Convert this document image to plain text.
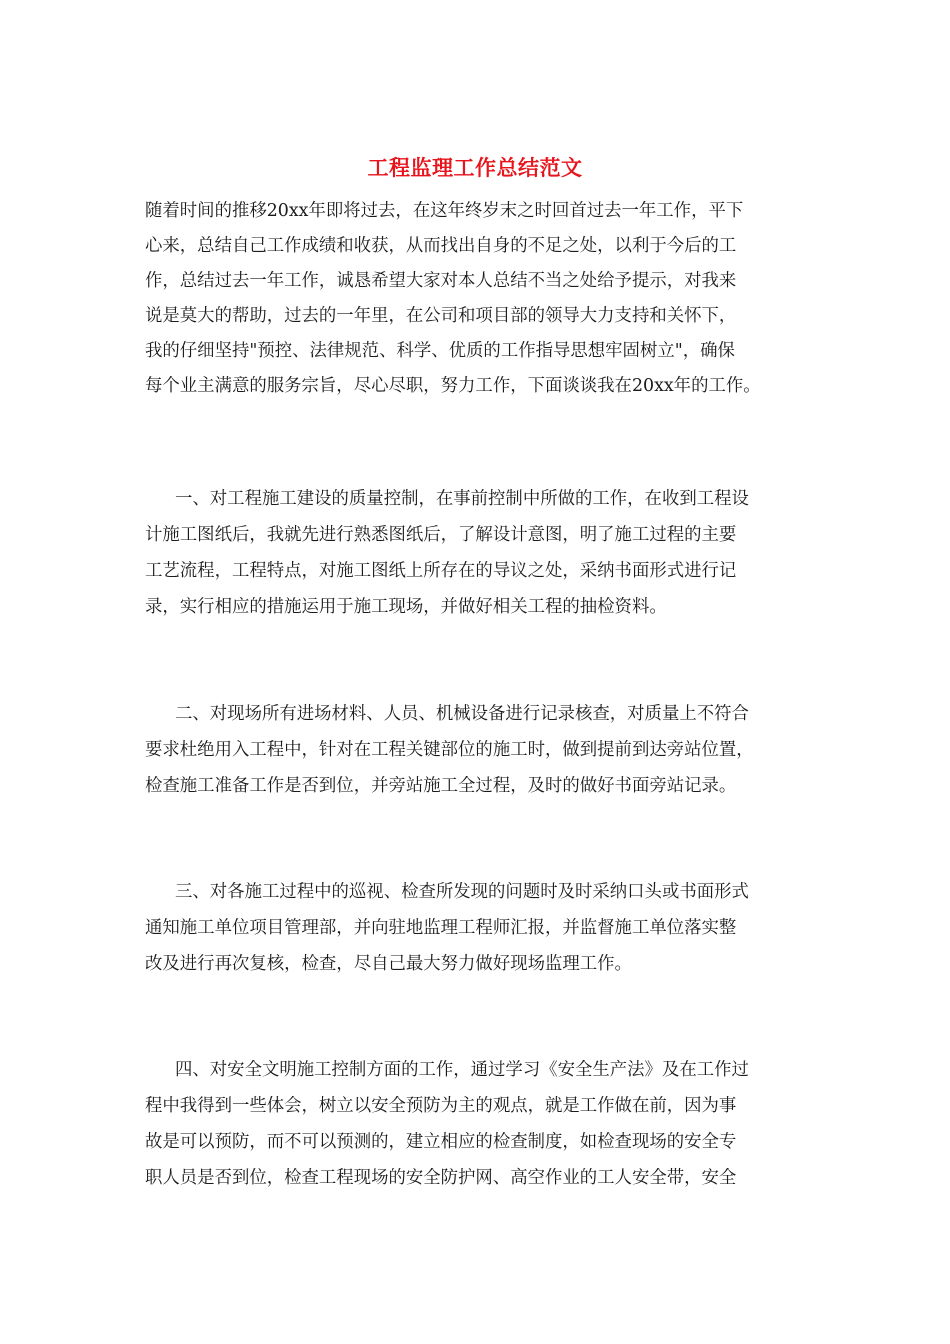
工程监理工作总结范文
随着时间的推移20xx年即将过去，在这年终岁末之时回首过去一年工作，平下
心来，总结自己工作成绩和收获，从而找出自身的不足之处，以利于今后的工
作，总结过去一年工作，诚恳希望大家对本人总结不当之处给予提示，对我来
说是莫大的帮助，过去的一年里，在公司和项目部的领导大力支持和关怀下，
我的仔细坚持"预控、法律规范、科学、优质的工作指导思想牢固树立"，确保
每个业主满意的服务宗旨，尽心尽职，努力工作，下面谈谈我在20xx年的工作。
一、对工程施工建设的质量控制，在事前控制中所做的工作，在收到工程设
计施工图纸后，我就先进行熟悉图纸后，了解设计意图，明了施工过程的主要
工艺流程，工程特点，对施工图纸上所存在的导议之处，采纳书面形式进行记
录，实行相应的措施运用于施工现场，并做好相关工程的抽检资料。
二、对现场所有进场材料、人员、机械设备进行记录核查，对质量上不符合
要求杜绝用入工程中，针对在工程关键部位的施工时，做到提前到达旁站位置，
检查施工准备工作是否到位，并旁站施工全过程，及时的做好书面旁站记录。
三、对各施工过程中的巡视、检查所发现的问题时及时采纳口头或书面形式
通知施工单位项目管理部，并向驻地监理工程师汇报，并监督施工单位落实整
改及进行再次复核，检查，尽自己最大努力做好现场监理工作。
四、对安全文明施工控制方面的工作，通过学习《安全生产法》及在工作过
程中我得到一些体会，树立以安全预防为主的观点，就是工作做在前，因为事
故是可以预防，而不可以预测的，建立相应的检查制度，如检查现场的安全专
职人员是否到位，检查工程现场的安全防护网、高空作业的工人安全带，安全
